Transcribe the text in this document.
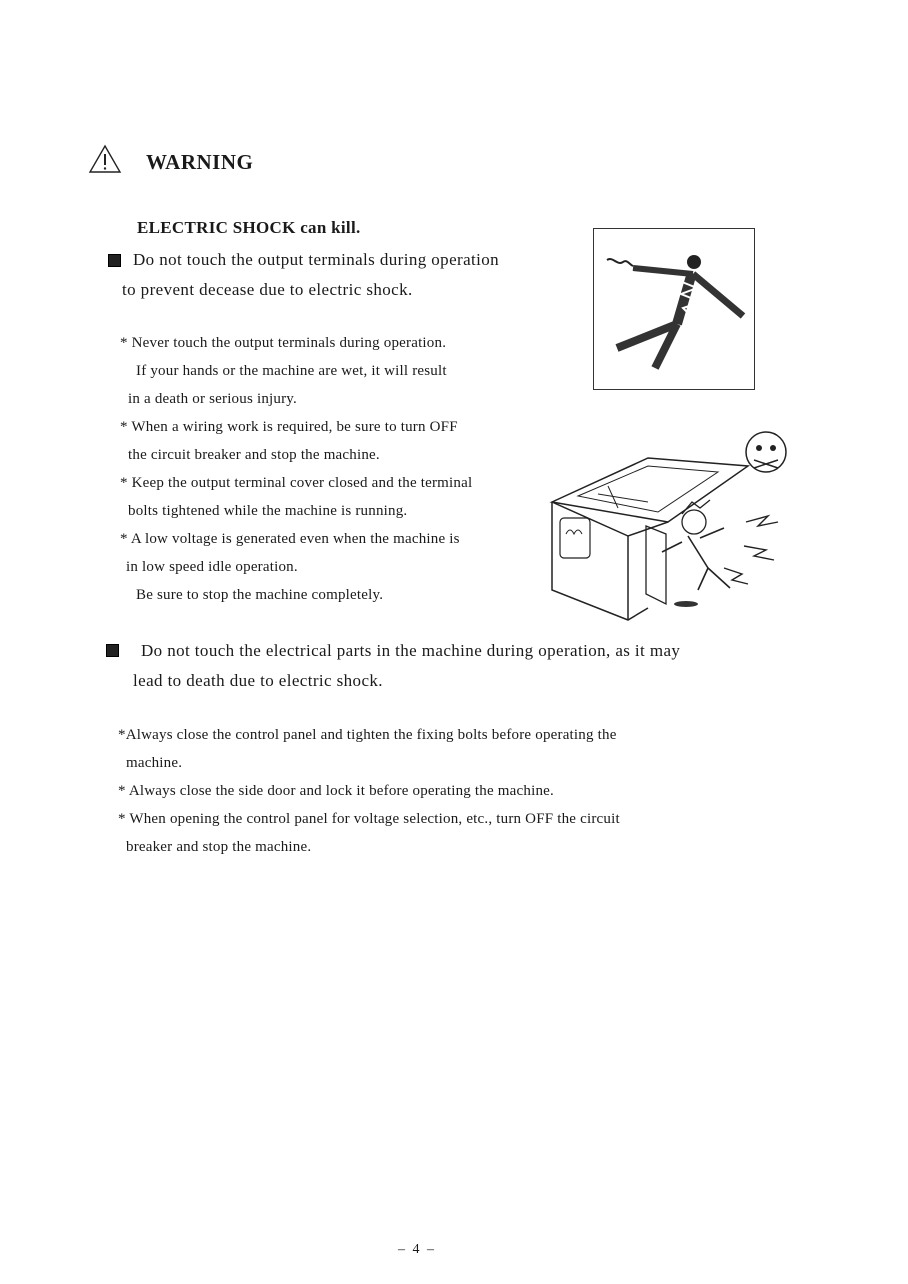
WARNING
ELECTRIC SHOCK can kill.
Do not touch the output terminals during operation
to prevent decease due to electric shock.
* Never touch the output terminals during operation.
If your hands or the machine are wet, it will result
in a death or serious injury.
* When a wiring work is required, be sure to turn OFF
the circuit breaker and stop the machine.
* Keep the output terminal cover closed and the terminal
bolts tightened while the machine is running.
* A low voltage is generated even when the machine is
in low speed idle operation.
Be sure to stop the machine completely.
Do not touch the electrical parts in the machine during operation, as it may
lead to death due to electric shock.
*Always close the control panel and tighten the fixing bolts before operating the
machine.
* Always close the side door and lock it before operating the machine.
* When opening the control panel for voltage selection, etc., turn OFF the circuit
breaker and stop the machine.
– 4 –
